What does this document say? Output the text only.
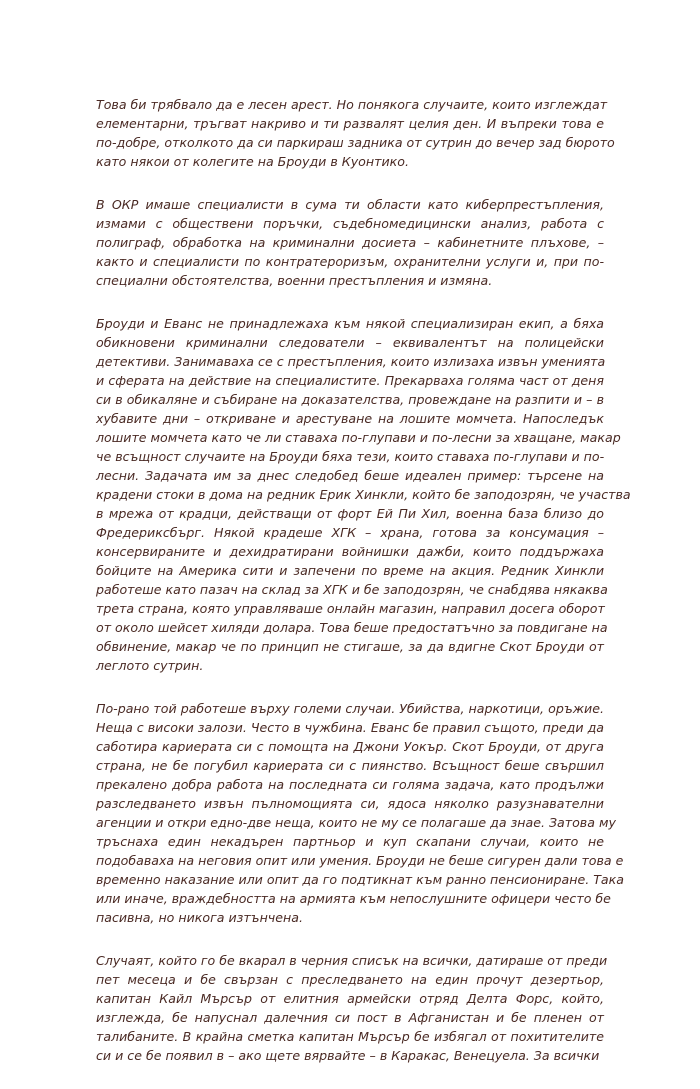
Това би трябвало да е лесен арест. Но понякога случаите, които изглеждат
елементарни, тръгват накриво и ти развалят целия ден. И въпреки това е
по-добре, отколкото да си паркираш задника от сутрин до вечер зад бюрото
като някои от колегите на Броуди в Куонтико.

В ОКР имаше специалисти в сума ти области като киберпрестъпления,
измами с обществени поръчки, съдебномедицински анализ, работа с
полиграф, обработка на криминални досиета – кабинетните плъхове, –
както и специалисти по контратероризъм, охранителни услуги и, при по-
специални обстоятелства, военни престъпления и измяна.

Броуди и Еванс не принадлежаха към някой специализиран екип, а бяха
обикновени криминални следователи – еквивалентът на полицейски
детективи. Занимаваха се с престъпления, които излизаха извън уменията
и сферата на действие на специалистите. Прекарваха голяма част от деня
си в обикаляне и събиране на доказателства, провеждане на разпити и – в
хубавите дни – откриване и арестуване на лошите момчета. Напоследък
лошите момчета като че ли ставаха по-глупави и по-лесни за хващане, макар
че всъщност случаите на Броуди бяха тези, които ставаха по-глупави и по-
лесни. Задачата им за днес следобед беше идеален пример: търсене на
крадени стоки в дома на редник Ерик Хинкли, който бе заподозрян, че участва
в мрежа от крадци, действащи от форт Ей Пи Хил, военна база близо до
Фредериксбърг. Някой крадеше ХГК – храна, готова за консумация –
консервираните и дехидратирани войнишки дажби, които поддържаха
бойците на Америка сити и запечени по време на акция. Редник Хинкли
работеше като пазач на склад за ХГК и бе заподозрян, че снабдява някаква
трета страна, която управляваше онлайн магазин, направил досега оборот
от около шейсет хиляди долара. Това беше предостатъчно за повдигане на
обвинение, макар че по принцип не стигаше, за да вдигне Скот Броуди от
леглото сутрин.

По-рано той работеше върху големи случаи. Убийства, наркотици, оръжие.
Неща с високи залози. Често в чужбина. Еванс бе правил същото, преди да
саботира кариерата си с помощта на Джони Уокър. Скот Броуди, от друга
страна, не бе погубил кариерата си с пиянство. Всъщност беше свършил
прекалено добра работа на последната си голяма задача, като продължи
разследването извън пълномощията си, ядоса няколко разузнавателни
агенции и откри едно-две неща, които не му се полагаше да знае. Затова му
тръснаха един некадърен партньор и куп скапани случаи, които не
подобаваха на неговия опит или умения. Броуди не беше сигурен дали това е
временно наказание или опит да го подтикнат към ранно пенсиониране. Така
или иначе, враждебността на армията към непослушните офицери често бе
пасивна, но никога изтънчена.

Случаят, който го бе вкарал в черния списък на всички, датираше от преди
пет месеца и бе свързан с преследването на един прочут дезертьор,
капитан Кайл Мърсър от елитния армейски отряд Делта Форс, който,
изглежда, бе напуснал далечния си пост в Афганистан и бе пленен от
талибаните. В крайна сметка капитан Мърсър бе избягал от похитителите
си и се бе появил в – ако щете вярвайте – в Каракас, Венецуела. За всички
